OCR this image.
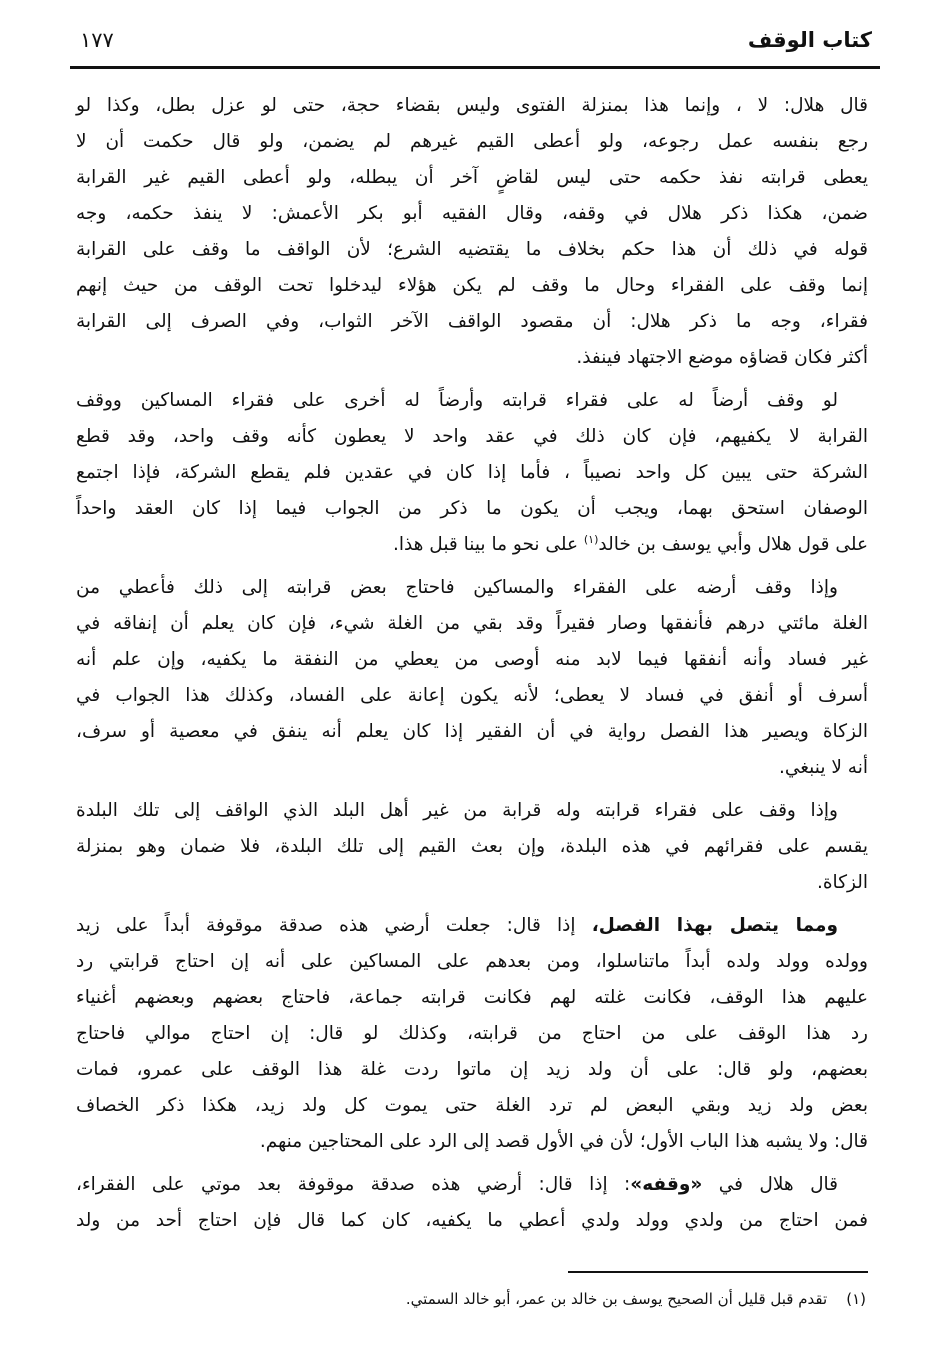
كتاب الوقف
١٧٧
قال هلال: لا ، وإنما هذا بمنزلة الفتوى وليس بقضاء حجة، حتى لو عزل بطل، وكذا لو
رجع بنفسه عمل رجوعه، ولو أعطى القيم غيرهم لم يضمن، ولو قال حكمت أن لا
يعطى قرابته نفذ حكمه حتى ليس لقاضٍ آخر أن يبطله، ولو أعطى القيم غير القرابة
ضمن، هكذا ذكر هلال في وقفه، وقال الفقيه أبو بكر الأعمش: لا ينفذ حكمه، وجه
قوله في ذلك أن هذا حكم بخلاف ما يقتضيه الشرع؛ لأن الواقف ما وقف على القرابة
إنما وقف على الفقراء وحال ما وقف لم يكن هؤلاء ليدخلوا تحت الوقف من حيث إنهم
فقراء، وجه ما ذكر هلال: أن مقصود الواقف الآخر الثواب، وفي الصرف إلى القرابة
أكثر فكان قضاؤه موضع الاجتهاد فينفذ.
لو وقف أرضاً له على فقراء قرابته وأرضاً له أخرى على فقراء المساكين ووقف
القرابة لا يكفيهم، فإن كان ذلك في عقد واحد لا يعطون كأنه وقف واحد، وقد قطع
الشركة حتى يبين كل واحد نصيباً ، فأما إذا كان في عقدين فلم يقطع الشركة، فإذا اجتمع
الوصفان استحق بهما، ويجب أن يكون ما ذكر من الجواب فيما إذا كان العقد واحداً
على قول هلال وأبي يوسف بن خالد$^{(١)}$ على نحو ما بينا قبل هذا.
وإذا وقف أرضه على الفقراء والمساكين فاحتاج بعض قرابته إلى ذلك فأعطي من
الغلة مائتي درهم فأنفقها وصار فقيراً وقد بقي من الغلة شيء، فإن كان يعلم أن إنفاقه في
غير فساد وأنه أنفقها فيما لابد منه أوصى من يعطي من النفقة ما يكفيه، وإن علم أنه
أسرف أو أنفق في فساد لا يعطى؛ لأنه يكون إعانة على الفساد، وكذلك هذا الجواب في
الزكاة ويصير هذا الفصل رواية في أن الفقير إذا كان يعلم أنه ينفق في معصية أو سرف،
أنه لا ينبغي.
وإذا وقف على فقراء قرابته وله قرابة من غير أهل البلد الذي الواقف إلى تلك البلدة
يقسم على فقرائهم في هذه البلدة، وإن بعث القيم إلى تلك البلدة، فلا ضمان وهو بمنزلة
الزكاة.
ومما يتصل بهذا الفصل، إذا قال: جعلت أرضي هذه صدقة موقوفة أبداً على زيد
وولده وولد ولده أبداً ماتناسلوا، ومن بعدهم على المساكين على أنه إن احتاج قرابتي رد
عليهم هذا الوقف، فكانت غلته لهم فكانت قرابته جماعة، فاحتاج بعضهم وبعضهم أغنياء
رد هذا الوقف على من احتاج من قرابته، وكذلك لو قال: إن احتاج موالي فاحتاج
بعضهم، ولو قال: على أن ولد زيد إن ماتوا ردت غلة هذا الوقف على عمرو، فمات
بعض ولد زيد وبقي البعض لم ترد الغلة حتى يموت كل ولد زيد، هكذا ذكر الخصاف
قال: ولا يشبه هذا الباب الأول؛ لأن في الأول قصد إلى الرد على المحتاجين منهم.
قال هلال في «وقفه»: إذا قال: أرضي هذه صدقة موقوفة بعد موتي على الفقراء،
فمن احتاج من ولدي وولد ولدي أعطي ما يكفيه، كان كما قال فإن احتاج أحد من ولد
(١)    تقدم قبل قليل أن الصحيح يوسف بن خالد بن عمر، أبو خالد السمتي.
